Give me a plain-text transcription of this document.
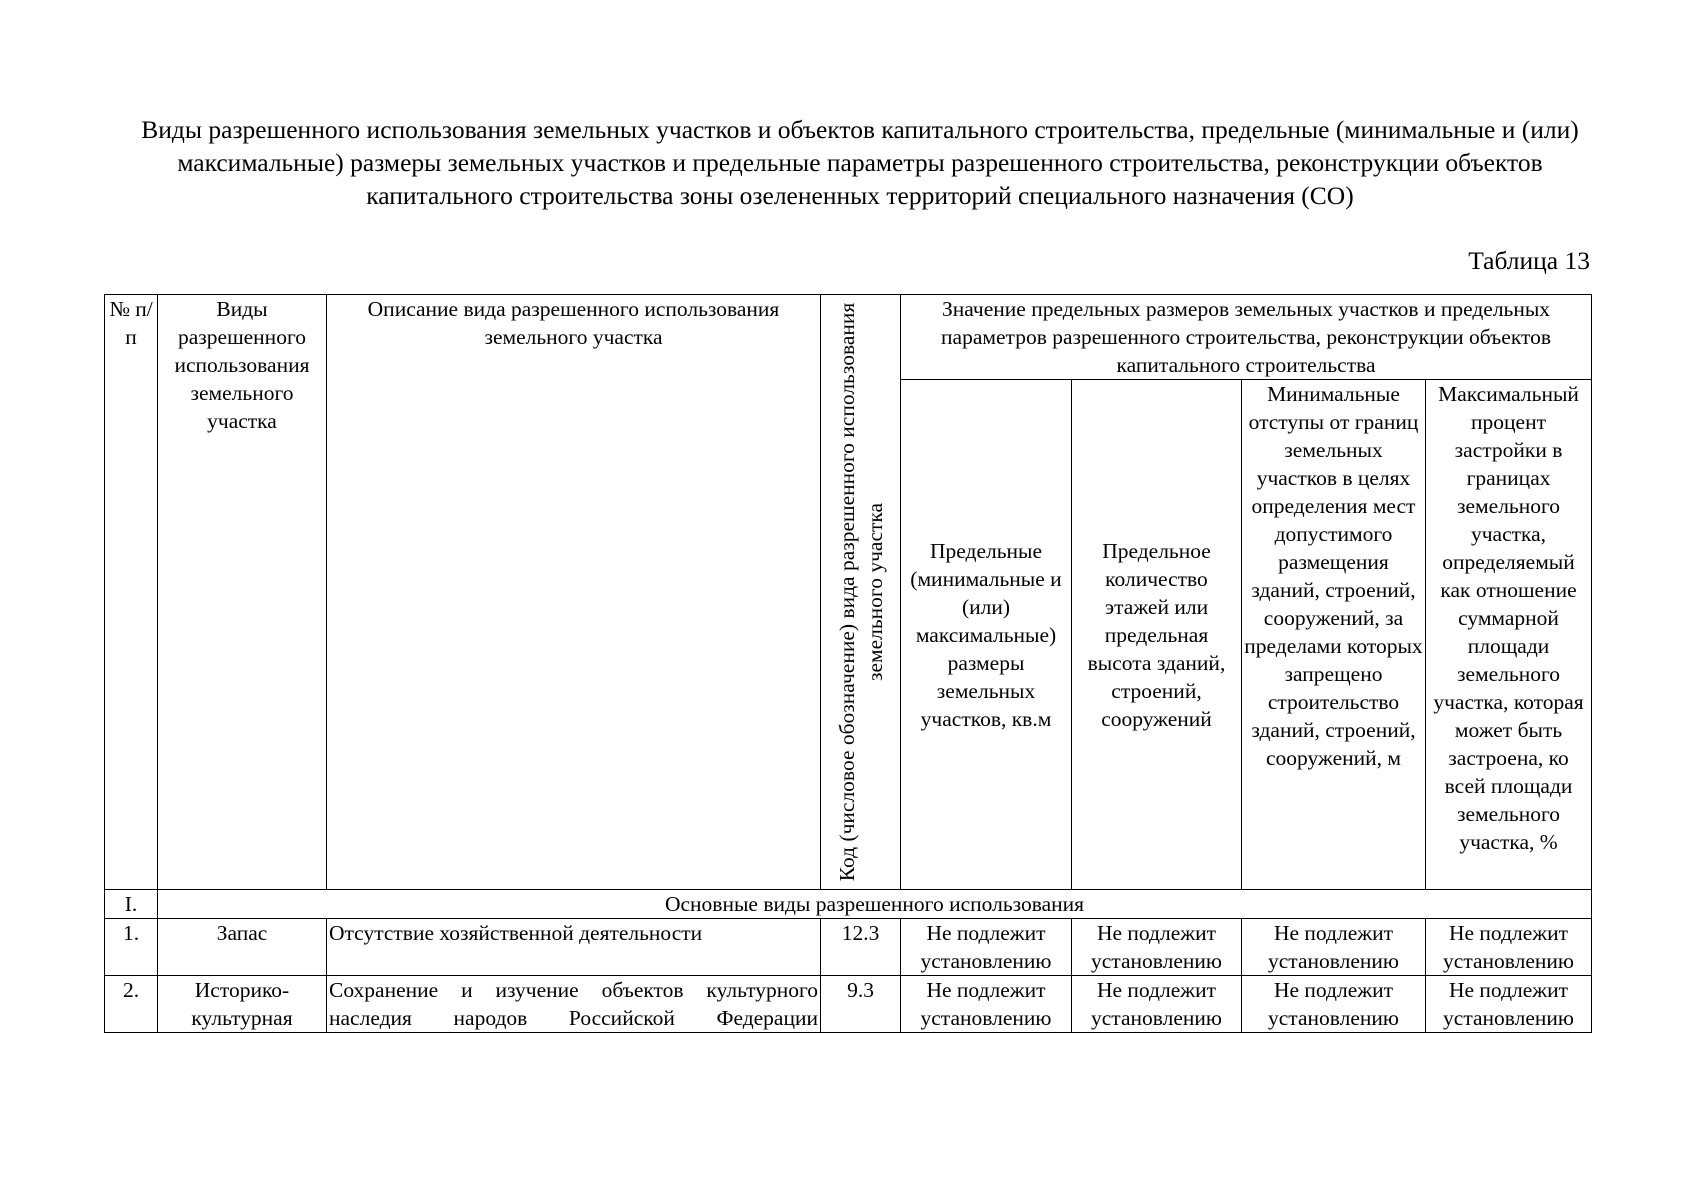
Виды разрешенного использования земельных участков и объектов капитального строительства, предельные (минимальные и (или) максимальные) размеры земельных участков и предельные параметры разрешенного строительства, реконструкции объектов капитального строительства зоны озелененных территорий специального назначения (СО)
Таблица 13
№ п/п	Виды разрешенного использования земельного участка	Описание вида разрешенного использования земельного участка	Код (числовое обозначение) вида разрешенного использования земельного участка	Значение предельных размеров земельных участков и предельных параметров разрешенного строительства, реконструкции объектов капитального строительства			
				Предельные (минимальные и (или) максимальные) размеры земельных участков, кв.м	Предельное количество этажей или предельная высота зданий, строений, сооружений	Минимальные отступы от границ земельных участков в целях определения мест допустимого размещения зданий, строений, сооружений, за пределами которых запрещено строительство зданий, строений, сооружений, м	Максимальный процент застройки в границах земельного участка, определяемый как отношение суммарной площади земельного участка, которая может быть застроена, ко всей площади земельного участка, %
I.	Основные виды разрешенного использования						
1.	Запас	Отсутствие хозяйственной деятельности	12.3	Не подлежит установлению	Не подлежит установлению	Не подлежит установлению	Не подлежит установлению
2.	Историко-культурная	Сохранение и изучение объектов культурного наследия народов Российской Федерации	9.3	Не подлежит установлению	Не подлежит установлению	Не подлежит установлению	Не подлежит установлению
